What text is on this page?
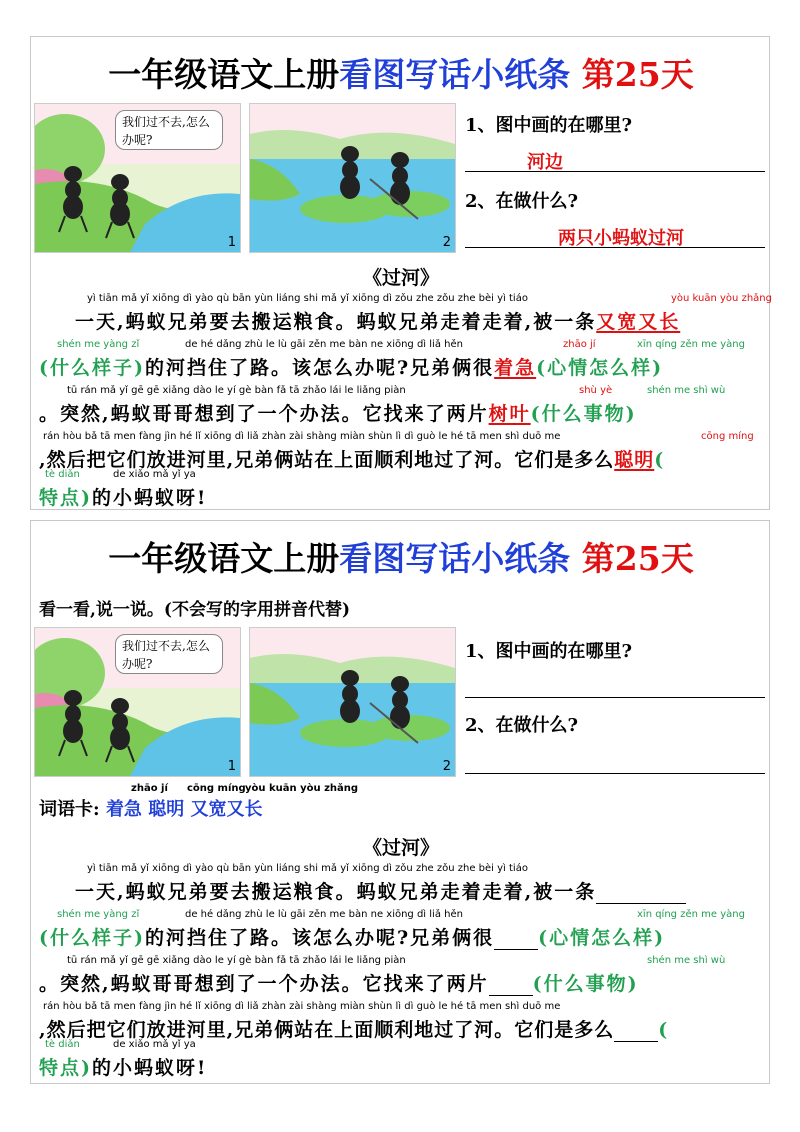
一年级语文上册看图写话小纸条 第25天
我们过不去,怎么办呢?
1	2
1、图中画的在哪里?
河边
2、在做什么?
两只小蚂蚁过河
《过河》
yì tiān mǎ yǐ xiōng dì yào qù bān yùn liáng shi mǎ yǐ xiōng dì zǒu zhe zǒu zhe bèi yì tiáo	yòu kuān yòu zhǎng
一天,蚂蚁兄弟要去搬运粮食。蚂蚁兄弟走着走着,被一条又宽又长
shén me yàng zǐ	de hé dǎng zhù le lù gāi zěn me bàn ne xiōng dì liǎ hěn	zhāo jí	xīn qíng zěn me yàng
(什么样子)的河挡住了路。该怎么办呢?兄弟俩很着急(心情怎么样)
tū rán mǎ yǐ gē gē xiǎng dào le yí gè bàn fǎ tā zhǎo lái le liǎng piàn	shù yè	shén me shì wù
。突然,蚂蚁哥哥想到了一个办法。它找来了两片树叶(什么事物)
rán hòu bǎ tā men fàng jìn hé lǐ xiōng dì liǎ zhàn zài shàng miàn shùn lì dì guò le hé tā men shì duō me	cōng míng
,然后把它们放进河里,兄弟俩站在上面顺利地过了河。它们是多么聪明(
tè diǎn	de xiǎo mǎ yǐ ya
特点)的小蚂蚁呀!
一年级语文上册看图写话小纸条 第25天
看一看,说一说。(不会写的字用拼音代替)
我们过不去,怎么办呢?
1	2
1、图中画的在哪里?
2、在做什么?
zhāo jí cōng míng yòu kuān yòu zhǎng
词语卡: 着急 聪明 又宽又长
《过河》
yì tiān mǎ yǐ xiōng dì yào qù bān yùn liáng shi mǎ yǐ xiōng dì zǒu zhe zǒu zhe bèi yì tiáo
一天,蚂蚁兄弟要去搬运粮食。蚂蚁兄弟走着走着,被一条
shén me yàng zǐ	de hé dǎng zhù le lù gāi zěn me bàn ne xiōng dì liǎ hěn	xīn qíng zěn me yàng
(什么样子)的河挡住了路。该怎么办呢?兄弟俩很 (心情怎么样)
tū rán mǎ yǐ gē gē xiǎng dào le yí gè bàn fǎ tā zhǎo lái le liǎng piàn	shén me shì wù
。突然,蚂蚁哥哥想到了一个办法。它找来了两片 (什么事物)
rán hòu bǎ tā men fàng jìn hé lǐ xiōng dì liǎ zhàn zài shàng miàn shùn lì dì guò le hé tā men shì duō me
,然后把它们放进河里,兄弟俩站在上面顺利地过了河。它们是多么 (
tè diǎn	de xiǎo mǎ yǐ ya
特点)的小蚂蚁呀!
